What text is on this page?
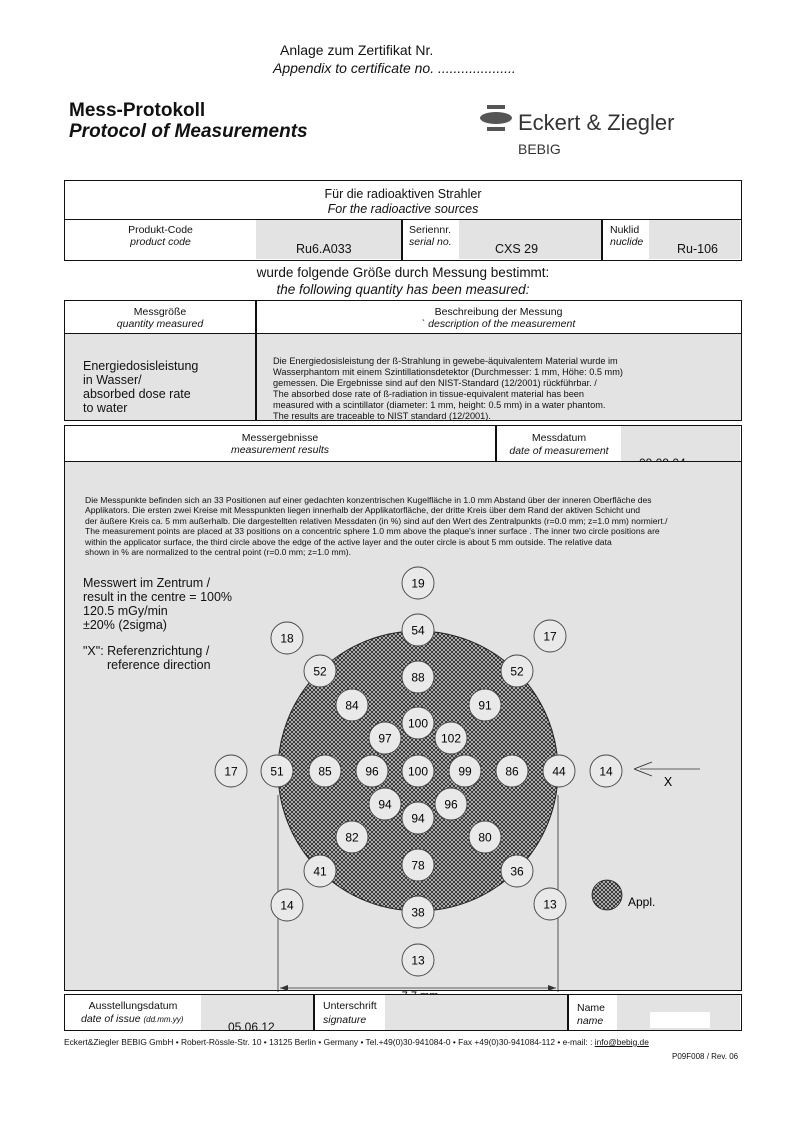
Anlage zum Zertifikat Nr.
Appendix to certificate no. ....................
Mess-Protokoll
Protocol of Measurements	Eckert & Ziegler
BEBIG
Für die radioaktiven Strahler
For the radioactive sources
Produkt-Code
product code	Ru6.A033
Seriennr.
serial no.	CXS 29
Nuklid
nuclide	Ru-106
wurde folgende Größe durch Messung bestimmt:
the following quantity has been measured:
Messgröße
quantity measured
Beschreibung der Messung
` description of the measurement
Energiedosisleistung
in Wasser/
absorbed dose rate
to water
Die Energiedosisleistung der ß-Strahlung in gewebe-äquivalentem Material wurde im
Wasserphantom mit einem Szintillationsdetektor (Durchmesser: 1 mm, Höhe: 0.5 mm)
gemessen. Die Ergebnisse sind auf den NIST-Standard (12/2001) rückführbar. /
The absorbed dose rate of ß-radiation in tissue-equivalent material has been
measured with a scintillator (diameter: 1 mm, height: 0.5 mm) in a water phantom.
The results are traceable to NIST standard (12/2001).
Messergebnisse
measurement results
Messdatum
date of measurement
Die Messpunkte befinden sich an 33 Positionen auf einer gedachten konzentrischen Kugelfläche in 1.0 mm Abstand über der inneren Oberfläche des
Applikators. Die ersten zwei Kreise mit Messpunkten liegen innerhalb der Applikatorfläche, der dritte Kreis über dem Rand der aktiven Schicht und
der äußere Kreis ca. 5 mm außerhalb. Die dargestellten relativen Messdaten (in %) sind auf den Wert des Zentralpunkts (r=0.0 mm; z=1.0 mm) normiert./
The measurement points are placed at 33 positions on a concentric sphere 1.0 mm above the plaque's inner surface . The inner two circle positions are
within the applicator surface, the third circle above the edge of the active layer and the outer circle is about 5 mm outside. The relative data
shown in % are normalized to the central point (r=0.0 mm; z=1.0 mm).
Messwert im Zentrum /
result in the centre = 100%
120.5 mGy/min
±20% (2sigma)
"X": Referenzrichtung /
reference direction
X
Appl.
19
54
18	17
52	52
88
84	91
100
97	102
17	51	85	96 100	99	86	44	14
94	96
94
82	80
78
41	36
14	38
13
13
Ausstellungsdatum
date of issue (dd.mm.yy)
05.06.12
Unterschrift
signature
Name
name
Eckert&Ziegler BEBIG GmbH • Robert-Rössle-Str. 10 • 13125 Berlin • Germany • Tel.+49(0)30-941084-0 • Fax +49(0)30-941084-112 • e-mail: : info@bebig.de
P09F008 / Rev. 06
